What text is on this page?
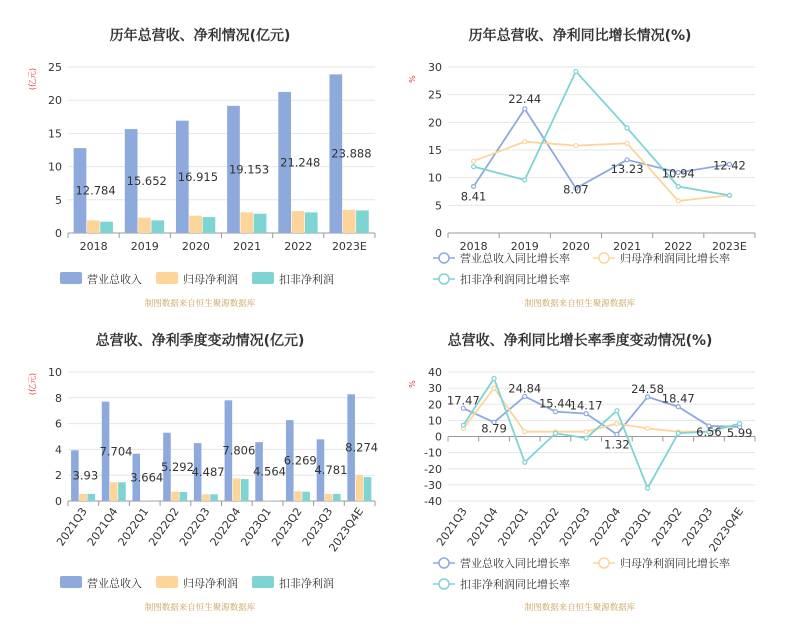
历年总营收、净利情况(亿元)
(亿元)
0
5
10
15
20
25
2018 2019 2020 2021 2022 2023E
12.784
15.652 16.915
19.153 21.248
23.888
营业总收入	归母净利润	扣非净利润
制图数据来自恒生聚源数据库
历年总营收、净利同比增长情况(%)
%
0
5
10
15
20
25
30
2018 2019 2020 2021 2022 2023E
8.41
22.44
8.07
13.23 10.94
12.42
营业总收入同比增长率	归母净利润同比增长率
扣非净利润同比增长率
制图数据来自恒生聚源数据库
总营收、净利季度变动情况(亿元)
(亿元)
0
2
4
6
8
10
2021Q3
2021Q4
2022Q1
2022Q2
2022Q3
2022Q4
2023Q1
2023Q2
2023Q3
2023Q4E
3.93
7.704
3.664
5.292
4.487
7.806
4.564
6.269
4.781
8.274
营业总收入	归母净利润	扣非净利润
制图数据来自恒生聚源数据库
总营收、净利同比增长率季度变动情况(%)
%
-40
-30
-20
-10
0
10
20
30
40
2021Q3
2021Q4
2022Q1
2022Q2
2022Q3
2022Q4
2023Q1
2023Q2
2023Q3
2023Q4E
17.47
8.79
24.84
15.44
14.17
1.32
24.58
18.47
6.56 5.99
营业总收入同比增长率	归母净利润同比增长率
扣非净利润同比增长率
制图数据来自恒生聚源数据库
